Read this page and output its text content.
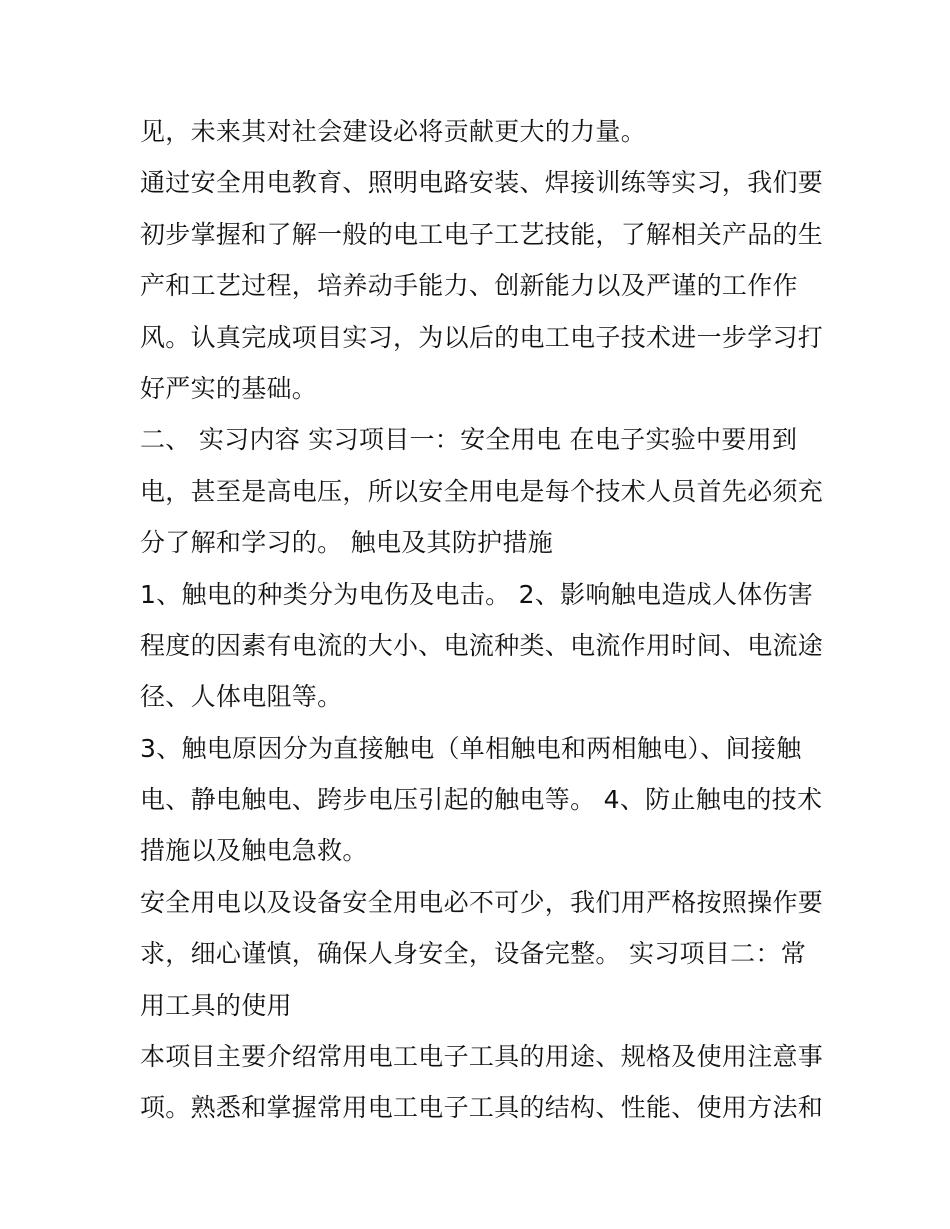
见，未来其对社会建设必将贡献更大的力量。
通过安全用电教育、照明电路安装、焊接训练等实习，我们要
初步掌握和了解一般的电工电子工艺技能，了解相关产品的生
产和工艺过程，培养动手能力、创新能力以及严谨的工作作
风。认真完成项目实习，为以后的电工电子技术进一步学习打
好严实的基础。
二、 实习内容 实习项目一：安全用电 在电子实验中要用到
电，甚至是高电压，所以安全用电是每个技术人员首先必须充
分了解和学习的。 触电及其防护措施
1、触电的种类分为电伤及电击。 2、影响触电造成人体伤害
程度的因素有电流的大小、电流种类、电流作用时间、电流途
径、人体电阻等。
3、触电原因分为直接触电（单相触电和两相触电）、间接触
电、静电触电、跨步电压引起的触电等。 4、防止触电的技术
措施以及触电急救。
安全用电以及设备安全用电必不可少，我们用严格按照操作要
求，细心谨慎，确保人身安全，设备完整。 实习项目二：常
用工具的使用
本项目主要介绍常用电工电子工具的用途、规格及使用注意事
项。熟悉和掌握常用电工电子工具的结构、性能、使用方法和
